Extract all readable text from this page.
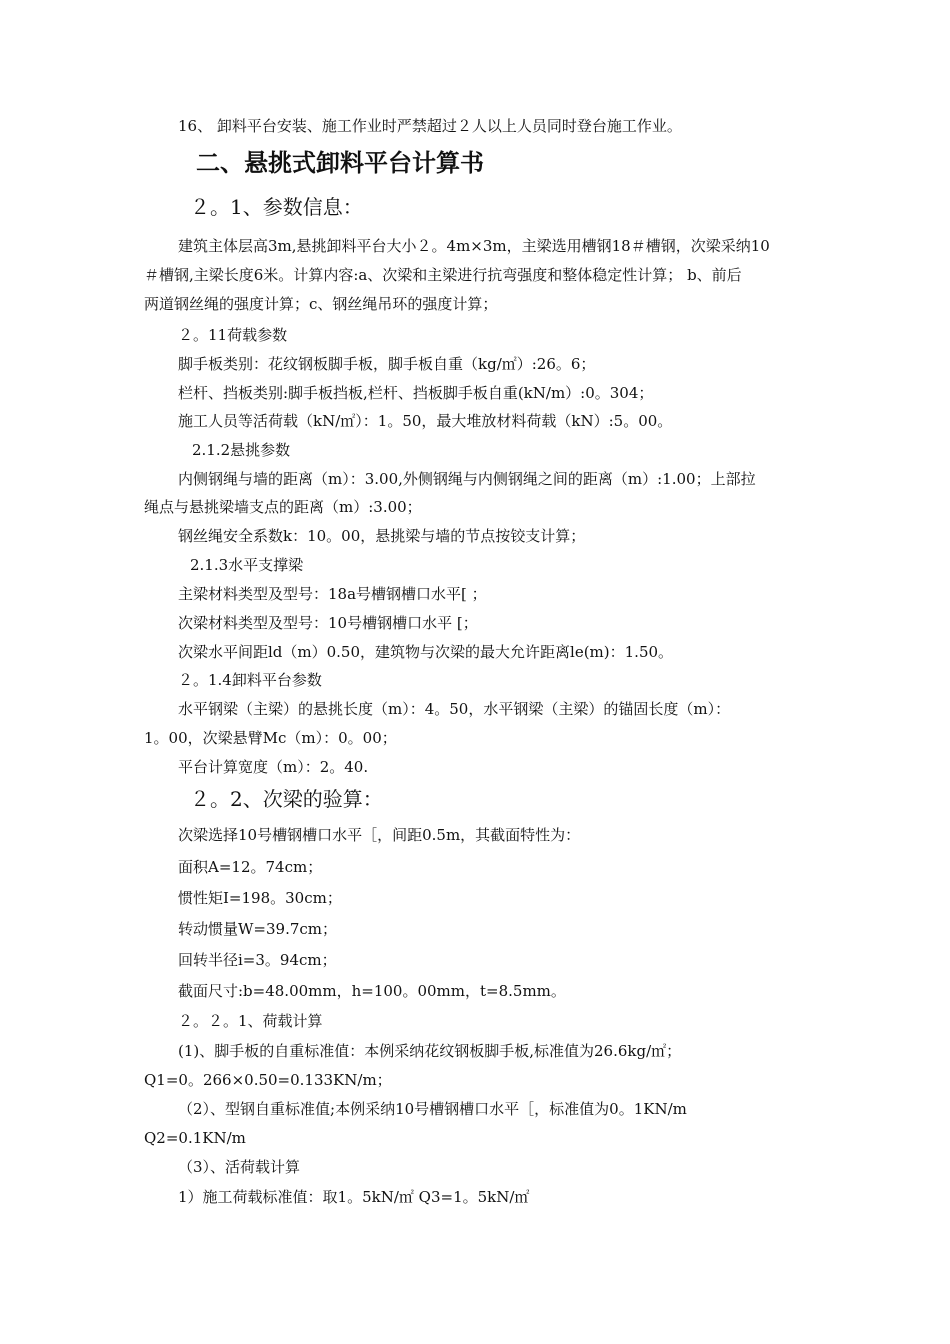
16、 卸料平台安装、施工作业时严禁超过２人以上人员同时登台施工作业。
二、悬挑式卸料平台计算书
２。1、参数信息：
建筑主体层高3m,悬挑卸料平台大小２。4m×3m，主梁选用槽钢18＃槽钢，次梁采纳10
＃槽钢,主梁长度6米。计算内容:a、次梁和主梁进行抗弯强度和整体稳定性计算； b、前后
两道钢丝绳的强度计算；c、钢丝绳吊环的强度计算；
２。11荷载参数
脚手板类别：花纹钢板脚手板，脚手板自重（kg/㎡）:26。6；
栏杆、挡板类别:脚手板挡板,栏杆、挡板脚手板自重(kN/m）:0。304；
施工人员等活荷载（kN/㎡）：1。50，最大堆放材料荷载（kN）:5。00。
2.1.2悬挑参数
内侧钢绳与墙的距离（m）：3.00,外侧钢绳与内侧钢绳之间的距离（m）:1.00；上部拉
绳点与悬挑梁墙支点的距离（m）:3.00；
钢丝绳安全系数k：10。00，悬挑梁与墙的节点按铰支计算；
2.1.3水平支撑梁
主梁材料类型及型号：18a号槽钢槽口水平[ ；
次梁材料类型及型号：10号槽钢槽口水平 [；
次梁水平间距ld（m）0.50，建筑物与次梁的最大允许距离le(m)：1.50。
２。1.4卸料平台参数
水平钢梁（主梁）的悬挑长度（m）：4。50，水平钢梁（主梁）的锚固长度（m）：
1。00，次梁悬臂Mc（m）：0。00；
平台计算宽度（m）：2。40.
２。2、次梁的验算：
次梁选择10号槽钢槽口水平［，间距0.5m，其截面特性为：
面积A=12。74cm；
惯性矩I=198。30cm；
转动惯量W=39.7cm；
回转半径i=3。94cm；
截面尺寸:b=48.00mm，h=100。00mm，t=8.5mm。
２。２。1、荷载计算
(1)、脚手板的自重标准值：本例采纳花纹钢板脚手板,标准值为26.6kg/㎡；
Q1=0。266×0.50=0.133KN/m；
（2）、型钢自重标准值;本例采纳10号槽钢槽口水平［，标准值为0。1KN/m
Q2=0.1KN/m
（3）、活荷载计算
1）施工荷载标准值：取1。5kN/㎡ Q3=1。5kN/㎡
